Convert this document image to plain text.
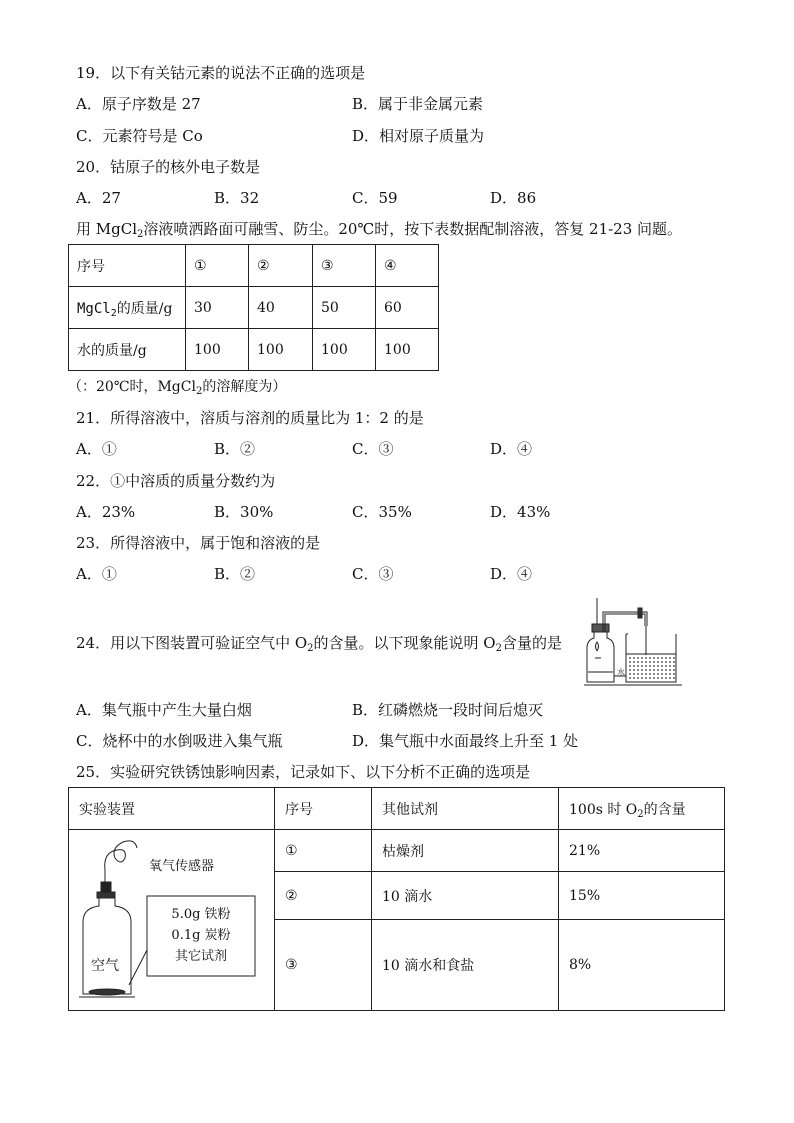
19．以下有关钴元素的说法不正确的选项是
A．原子序数是 27	B．属于非金属元素
C．元素符号是 Co	D．相对原子质量为
20．钴原子的核外电子数是
A．27	B．32	C．59	D．86
用 MgCl$_2$溶液喷洒路面可融雪、防尘。20℃时，按下表数据配制溶液，答复 21-23 问题。
序号	①	②	③	④
MgCl$_2$的质量/g	30	40	50	60
水的质量/g	100	100	100	100
（：20℃时，MgCl$_2$的溶解度为）
21．所得溶液中，溶质与溶剂的质量比为 1：2 的是
A．①	B．②	C．③	D．④
22．①中溶质的质量分数约为
A．23%	B．30%	C．35%	D．43%
23．所得溶液中，属于饱和溶液的是
A．①	B．②	C．③	D．④
24．用以下图装置可验证空气中 $O_2$的含量。以下现象能说明 $O_2$含量的是
水
A．集气瓶中产生大量白烟	B．红磷燃烧一段时间后熄灭
C．烧杯中的水倒吸进入集气瓶	D．集气瓶中水面最终上升至 1 处
25．实验研究铁锈蚀影响因素，记录如下、以下分析不正确的选项是
实验装置	序号	其他试剂	100s 时 $O_2$的含量

氧气传感器
5.0g 铁粉
0.1g 炭粉
其它试剂
空气	①	枯燥剂	21%
	②	10 滴水	15%
	③	10 滴水和食盐	8%
